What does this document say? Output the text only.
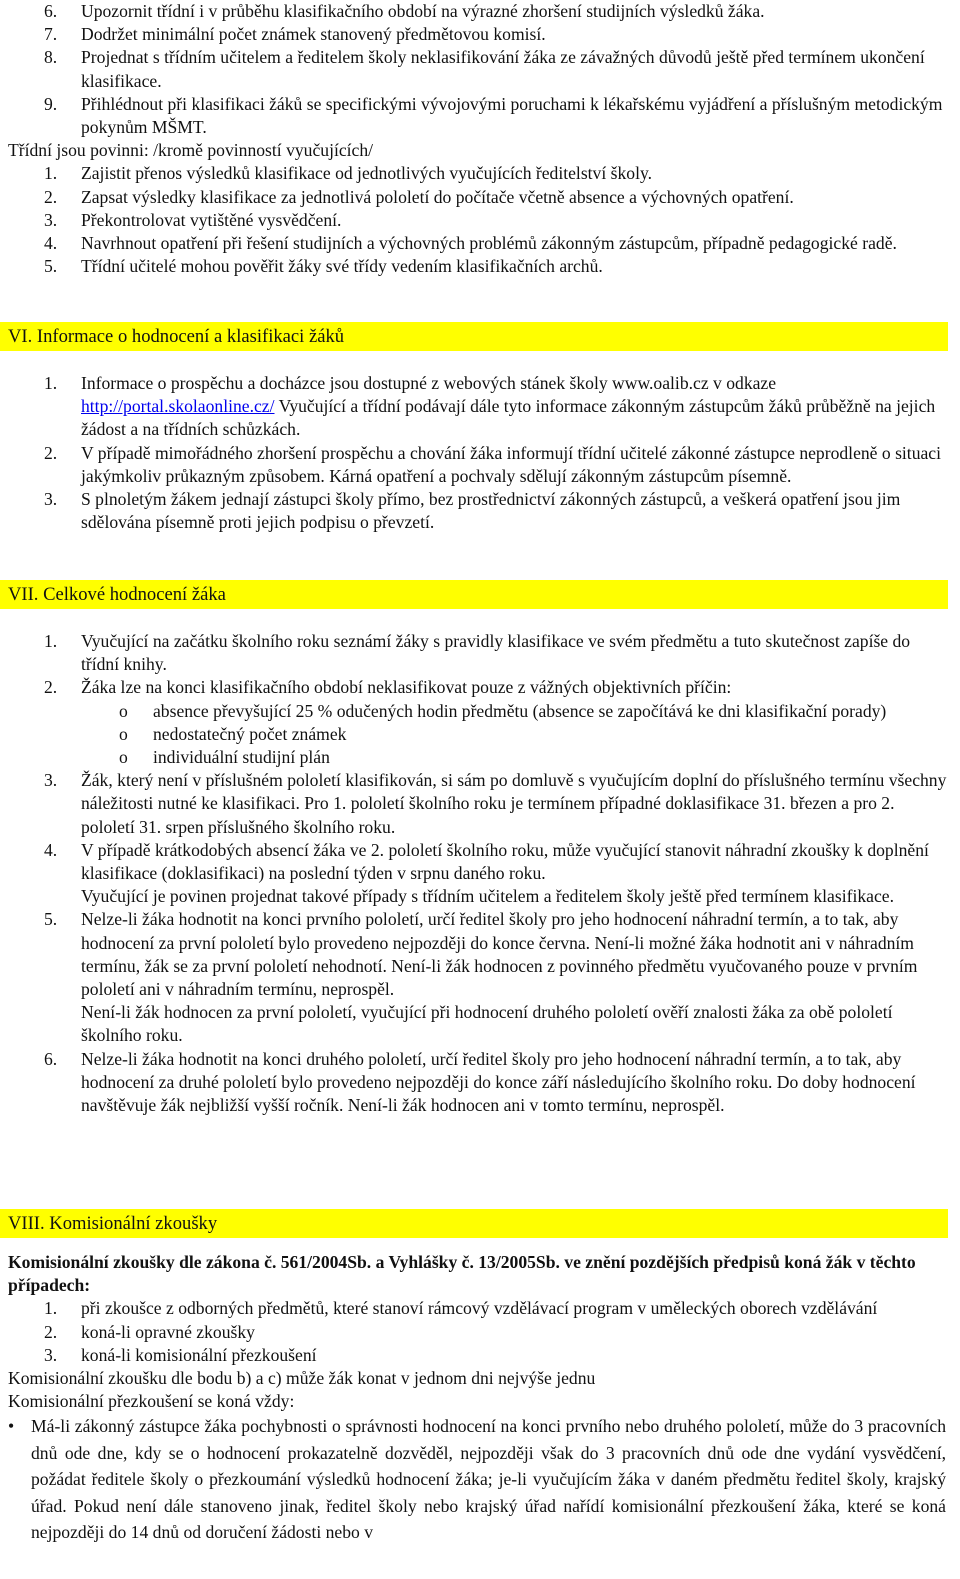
6. Upozornit třídní i v průběhu klasifikačního období na výrazné zhoršení studijních výsledků žáka.

7. Dodržet minimální počet známek stanovený předmětovou komisí.

8. Projednat s třídním učitelem a ředitelem školy neklasifikování žáka ze závažných důvodů ještě před termínem ukončení klasifikace.

9. Přihlédnout při klasifikaci žáků se specifickými vývojovými poruchami k lékařskému vyjádření a příslušným metodickým pokynům MŠMT.

Třídní jsou povinni: /kromě povinností vyučujících/

1. Zajistit přenos výsledků klasifikace od jednotlivých vyučujících ředitelství školy.

2. Zapsat výsledky klasifikace za jednotlivá pololetí do počítače včetně absence a výchovných opatření.

3. Překontrolovat vytištěné vysvědčení.

4. Navrhnout opatření při řešení studijních a výchovných problémů zákonným zástupcům, případně pedagogické radě.

5. Třídní učitelé mohou pověřit žáky své třídy vedením klasifikačních archů.

VI. Informace o hodnocení a klasifikaci žáků

1. Informace o prospěchu a docházce jsou dostupné z webových stánek školy www.oalib.cz v odkaze http://portal.skolaonline.cz/ Vyučující a třídní podávají dále tyto informace zákonným zástupcům žáků průběžně na jejich žádost a na třídních schůzkách.

2. V případě mimořádného zhoršení prospěchu a chování žáka informují třídní učitelé zákonné zástupce neprodleně o situaci jakýmkoliv průkazným způsobem. Kárná opatření a pochvaly sdělují zákonným zástupcům písemně.

3. S plnoletým žákem jednají zástupci školy přímo, bez prostřednictví zákonných zástupců, a veškerá opatření jsou jim sdělována písemně proti jejich podpisu o převzetí.

VII. Celkové hodnocení žáka

1. Vyučující na začátku školního roku seznámí žáky s pravidly klasifikace ve svém předmětu a tuto skutečnost zapíše do třídní knihy.

2. Žáka lze na konci klasifikačního období neklasifikovat pouze z vážných objektivních příčin:

o absence převyšující 25 % odučených hodin předmětu (absence se započítává ke dni klasifikační porady)

o nedostatečný počet známek

o individuální studijní plán

3. Žák, který není v příslušném pololetí klasifikován, si sám po domluvě s vyučujícím doplní do příslušného termínu všechny náležitosti nutné ke klasifikaci. Pro 1. pololetí školního roku je termínem případné doklasifikace 31. březen a pro 2. pololetí 31. srpen příslušného školního roku.

4. V případě krátkodobých absencí žáka ve 2. pololetí školního roku, může vyučující stanovit náhradní zkoušky k doplnění klasifikace (doklasifikaci) na poslední týden v srpnu daného roku.
Vyučující je povinen projednat takové případy s třídním učitelem a ředitelem školy ještě před termínem klasifikace.

5. Nelze-li žáka hodnotit na konci prvního pololetí, určí ředitel školy pro jeho hodnocení náhradní termín, a to tak, aby hodnocení za první pololetí bylo provedeno nejpozději do konce června. Není-li možné žáka hodnotit ani v náhradním termínu, žák se za první pololetí nehodnotí. Není-li žák hodnocen z povinného předmětu vyučovaného pouze v prvním pololetí ani v náhradním termínu, neprospěl.
Není-li žák hodnocen za první pololetí, vyučující při hodnocení druhého pololetí ověří znalosti žáka za obě pololetí školního roku.

6. Nelze-li žáka hodnotit na konci druhého pololetí, určí ředitel školy pro jeho hodnocení náhradní termín, a to tak, aby hodnocení za druhé pololetí bylo provedeno nejpozději do konce září následujícího školního roku. Do doby hodnocení navštěvuje žák nejbližší vyšší ročník. Není-li žák hodnocen ani v tomto termínu, neprospěl.

VIII. Komisionální zkoušky

Komisionální zkoušky dle zákona č. 561/2004Sb. a Vyhlášky č. 13/2005Sb. ve znění pozdějších předpisů koná žák v těchto případech:

1. při zkoušce z odborných předmětů, které stanoví rámcový vzdělávací program v uměleckých oborech vzdělávání

2. koná-li opravné zkoušky

3. koná-li komisionální přezkoušení

Komisionální zkoušku dle bodu b) a c) může žák konat v jednom dni nejvýše jednu

Komisionální přezkoušení se koná vždy:

• Má-li zákonný zástupce žáka pochybnosti o správnosti hodnocení na konci prvního nebo druhého pololetí, může do 3 pracovních dnů ode dne, kdy se o hodnocení prokazatelně dozvěděl, nejpozději však do 3 pracovních dnů ode dne vydání vysvědčení, požádat ředitele školy o přezkoumání výsledků hodnocení žáka; je-li vyučujícím žáka v daném předmětu ředitel školy, krajský úřad. Pokud není dále stanoveno jinak, ředitel školy nebo krajský úřad nařídí komisionální přezkoušení žáka, které se koná nejpozději do 14 dnů od doručení žádosti nebo v
